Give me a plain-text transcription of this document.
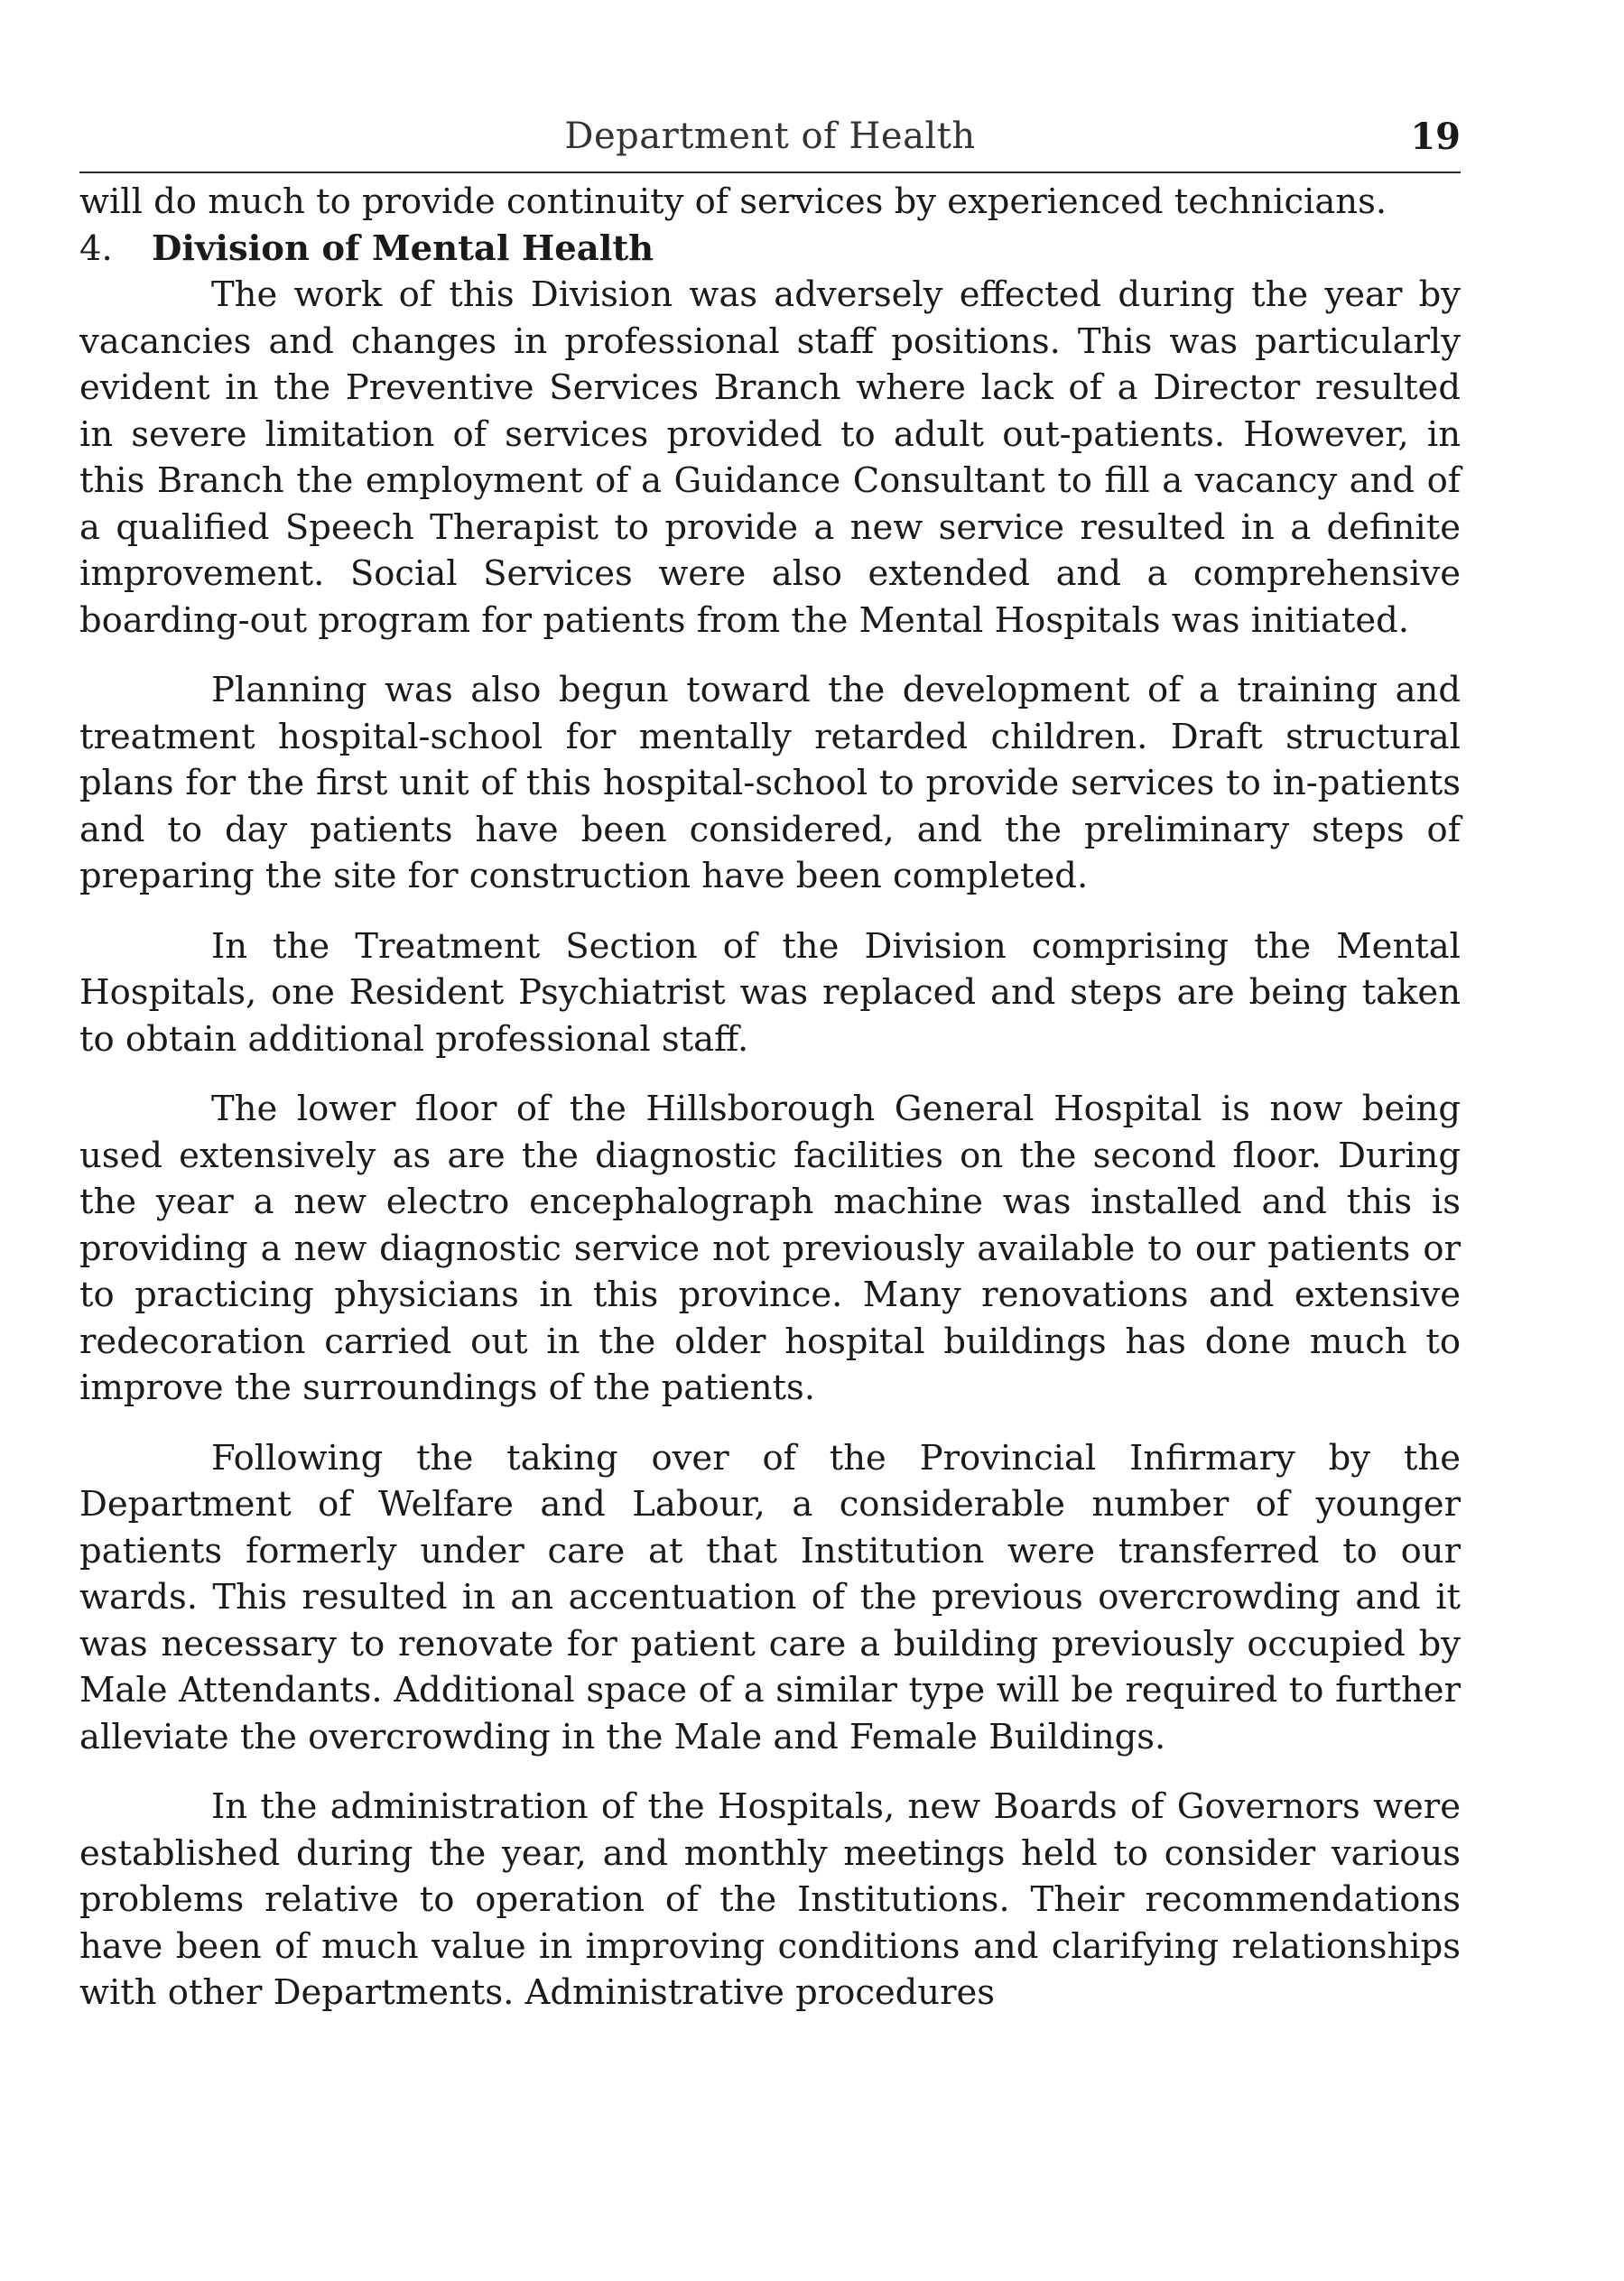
Department of Health	19

will do much to provide continuity of services by experienced technicians.

4. Division of Mental Health

The work of this Division was adversely effected during the year by vacancies and changes in professional staff positions. This was particularly evident in the Preventive Services Branch where lack of a Director resulted in severe limitation of services provided to adult out-patients. However, in this Branch the employment of a Guidance Consultant to fill a vacancy and of a qualified Speech Therapist to provide a new service resulted in a definite improvement. Social Services were also extended and a comprehensive boarding-out program for patients from the Mental Hospitals was initiated.

Planning was also begun toward the development of a training and treatment hospital-school for mentally retarded children. Draft structural plans for the first unit of this hospital-school to provide services to in-patients and to day patients have been considered, and the preliminary steps of preparing the site for construction have been completed.

In the Treatment Section of the Division comprising the Mental Hospitals, one Resident Psychiatrist was replaced and steps are being taken to obtain additional professional staff.

The lower floor of the Hillsborough General Hospital is now being used extensively as are the diagnostic facilities on the second floor. During the year a new electro encephalograph machine was installed and this is providing a new diagnostic service not previously available to our patients or to practicing physicians in this province. Many renovations and extensive redecoration carried out in the older hospital buildings has done much to improve the surroundings of the patients.

Following the taking over of the Provincial Infirmary by the Department of Welfare and Labour, a considerable number of younger patients formerly under care at that Institution were transferred to our wards. This resulted in an accentuation of the previous overcrowding and it was necessary to renovate for patient care a building previously occupied by Male Attendants. Additional space of a similar type will be required to further alleviate the overcrowding in the Male and Female Buildings.

In the administration of the Hospitals, new Boards of Governors were established during the year, and monthly meetings held to consider various problems relative to operation of the Institutions. Their recommendations have been of much value in improving conditions and clarifying relationships with other Departments. Administrative procedures
